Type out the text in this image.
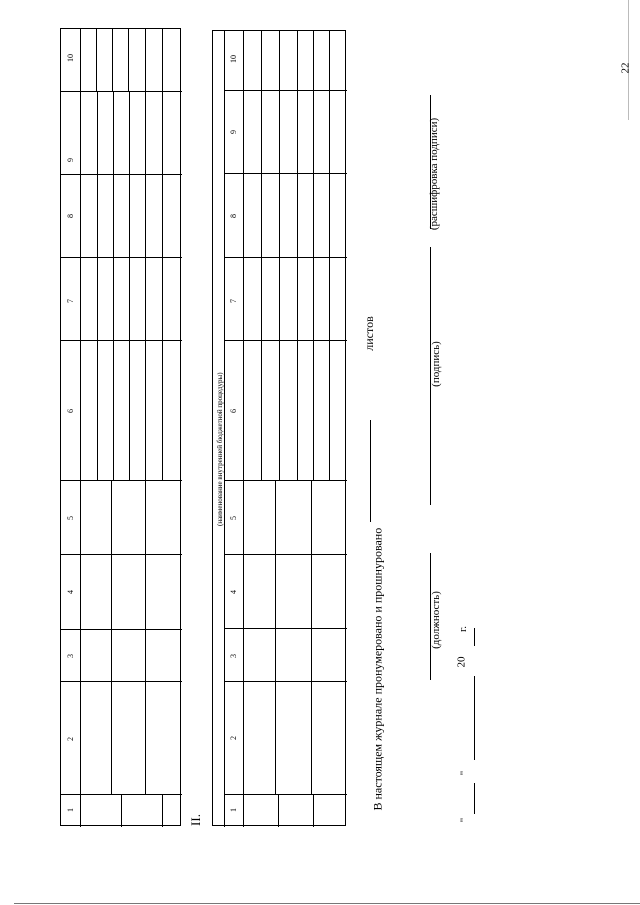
22
10
9
8
7
6
5
4
3
2
1
II.
(наименование внутренней бюджетной процедуры)
10
9
8
7
6
5
4
3
2
1	В настоящем журнале пронумеровано и прошнуровано
листов
(должность)
(подпись)
(расшифровка подписи)
"
"
20
г.
